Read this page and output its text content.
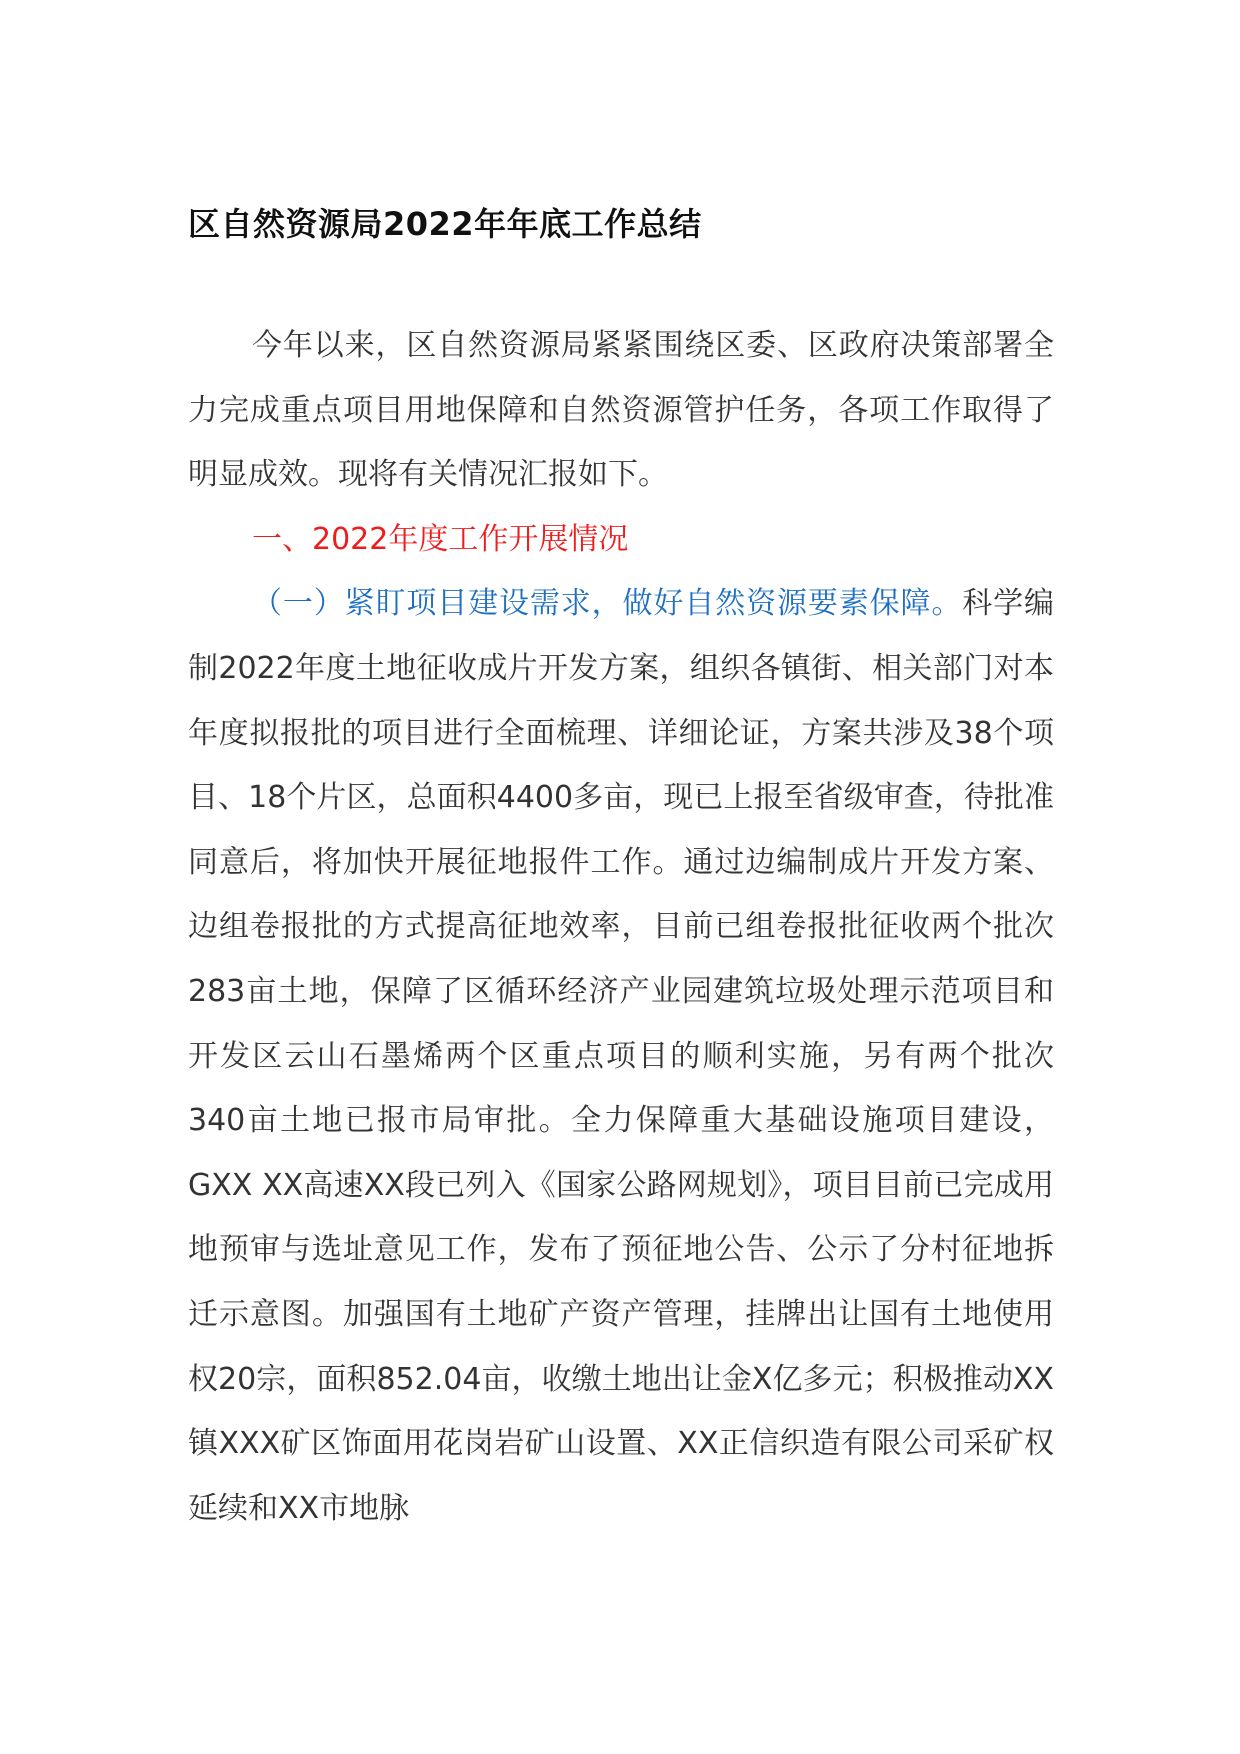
区自然资源局2022年年底工作总结

今年以来，区自然资源局紧紧围绕区委、区政府决策部署全力完成重点项目用地保障和自然资源管护任务，各项工作取得了明显成效。现将有关情况汇报如下。

一、2022年度工作开展情况

（一）紧盯项目建设需求，做好自然资源要素保障。科学编制2022年度土地征收成片开发方案，组织各镇街、相关部门对本年度拟报批的项目进行全面梳理、详细论证，方案共涉及38个项目、18个片区，总面积4400多亩，现已上报至省级审查，待批准同意后，将加快开展征地报件工作。通过边编制成片开发方案、边组卷报批的方式提高征地效率，目前已组卷报批征收两个批次283亩土地，保障了区循环经济产业园建筑垃圾处理示范项目和开发区云山石墨烯两个区重点项目的顺利实施，另有两个批次340亩土地已报市局审批。全力保障重大基础设施项目建设，GXX XX高速XX段已列入《国家公路网规划》，项目目前已完成用地预审与选址意见工作，发布了预征地公告、公示了分村征地拆迁示意图。加强国有土地矿产资产管理，挂牌出让国有土地使用权20宗，面积852.04亩，收缴土地出让金X亿多元；积极推动XX镇XXX矿区饰面用花岗岩矿山设置、XX正信织造有限公司采矿权延续和XX市地脉
